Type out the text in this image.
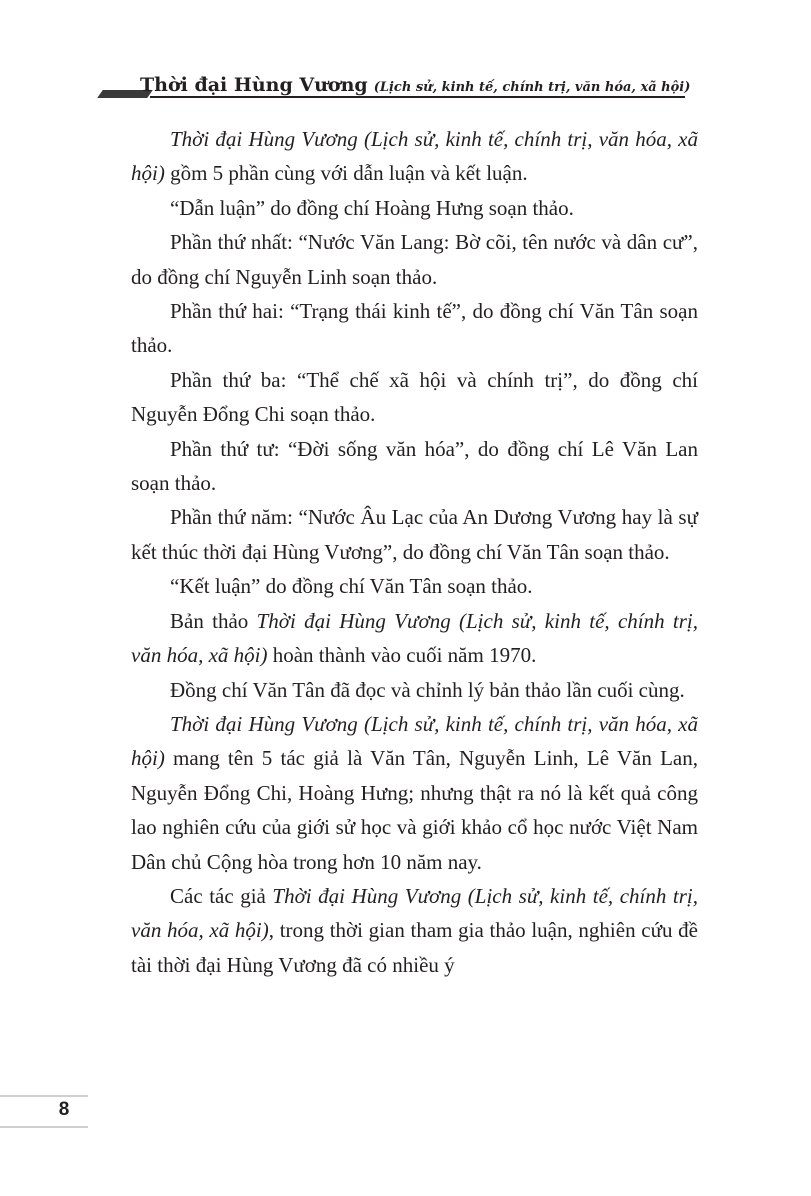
Thời đại Hùng Vương (Lịch sử, kinh tế, chính trị, văn hóa, xã hội)

Thời đại Hùng Vương (Lịch sử, kinh tế, chính trị, văn hóa, xã hội) gồm 5 phần cùng với dẫn luận và kết luận.

“Dẫn luận” do đồng chí Hoàng Hưng soạn thảo.

Phần thứ nhất: “Nước Văn Lang: Bờ cõi, tên nước và dân cư”, do đồng chí Nguyễn Linh soạn thảo.

Phần thứ hai: “Trạng thái kinh tế”, do đồng chí Văn Tân soạn thảo.

Phần thứ ba: “Thể chế xã hội và chính trị”, do đồng chí Nguyễn Đổng Chi soạn thảo.

Phần thứ tư: “Đời sống văn hóa”, do đồng chí Lê Văn Lan soạn thảo.

Phần thứ năm: “Nước Âu Lạc của An Dương Vương hay là sự kết thúc thời đại Hùng Vương”, do đồng chí Văn Tân soạn thảo.

“Kết luận” do đồng chí Văn Tân soạn thảo.

Bản thảo Thời đại Hùng Vương (Lịch sử, kinh tế, chính trị, văn hóa, xã hội) hoàn thành vào cuối năm 1970.

Đồng chí Văn Tân đã đọc và chỉnh lý bản thảo lần cuối cùng.

Thời đại Hùng Vương (Lịch sử, kinh tế, chính trị, văn hóa, xã hội) mang tên 5 tác giả là Văn Tân, Nguyễn Linh, Lê Văn Lan, Nguyễn Đổng Chi, Hoàng Hưng; nhưng thật ra nó là kết quả công lao nghiên cứu của giới sử học và giới khảo cổ học nước Việt Nam Dân chủ Cộng hòa trong hơn 10 năm nay.

Các tác giả Thời đại Hùng Vương (Lịch sử, kinh tế, chính trị, văn hóa, xã hội), trong thời gian tham gia thảo luận, nghiên cứu đề tài thời đại Hùng Vương đã có nhiều ý

8
